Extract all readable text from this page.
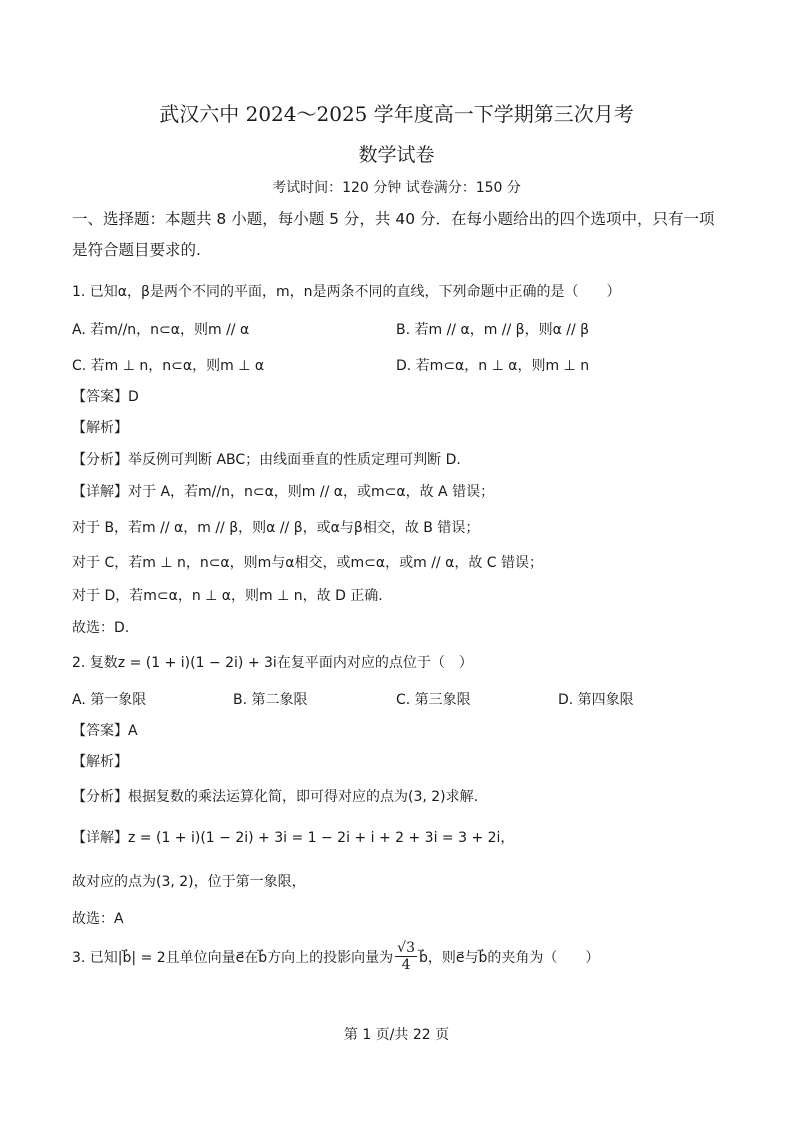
武汉六中 2024～2025 学年度高一下学期第三次月考
数学试卷
考试时间：120 分钟 试卷满分：150 分
一、选择题：本题共 8 小题，每小题 5 分，共 40 分．在每小题给出的四个选项中，只有一项
是符合题目要求的.
1. 已知α，β是两个不同的平面，m，n是两条不同的直线，下列命题中正确的是（　　）
A. 若m//n，n⊂α，则m // α	B. 若m // α，m // β，则α // β
C. 若m ⊥ n，n⊂α，则m ⊥ α	D. 若m⊂α，n ⊥ α，则m ⊥ n
【答案】D
【解析】
【分析】举反例可判断 ABC；由线面垂直的性质定理可判断 D.
【详解】对于 A，若m//n，n⊂α，则m // α，或m⊂α，故 A 错误；
对于 B，若m // α，m // β，则α // β，或α与β相交，故 B 错误；
对于 C，若m ⊥ n，n⊂α，则m与α相交，或m⊂α，或m // α，故 C 错误；
对于 D，若m⊂α，n ⊥ α，则m ⊥ n，故 D 正确.
故选：D.
2. 复数z = (1 + i)(1 − 2i) + 3i在复平面内对应的点位于（　）
A. 第一象限	B. 第二象限	C. 第三象限	D. 第四象限
【答案】A
【解析】
【分析】根据复数的乘法运算化简，即可得对应的点为(3, 2)求解.
【详解】z = (1 + i)(1 − 2i) + 3i = 1 − 2i + i + 2 + 3i = 3 + 2i，
故对应的点为(3, 2)，位于第一象限，
故选：A
3. 已知|b⃗| = 2且单位向量e⃗在b⃗方向上的投影向量为 $\frac{√3}{4}$ b⃗，则e⃗与b⃗的夹角为（　　）
第 1 页/共 22 页
